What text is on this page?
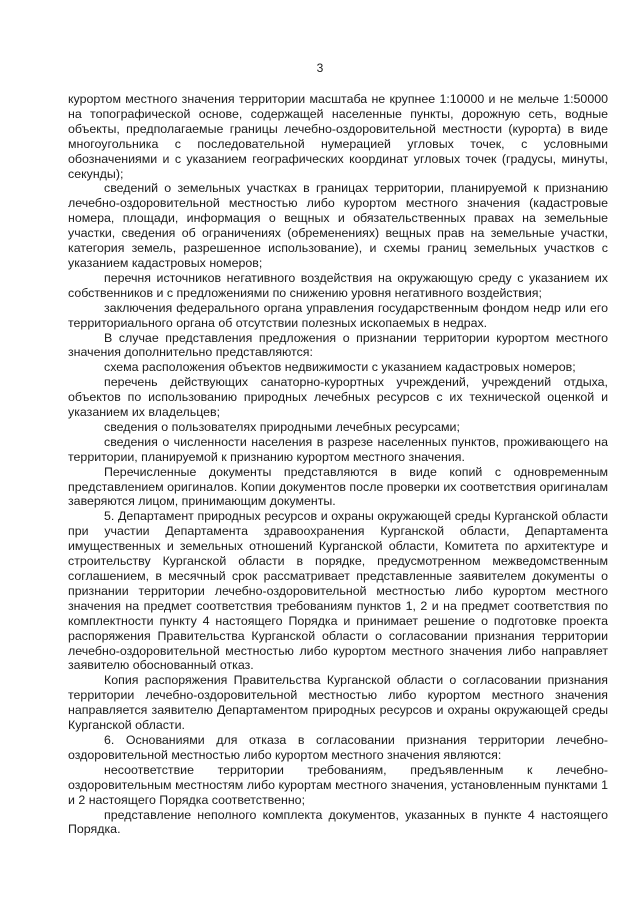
3

курортом местного значения территории масштаба не крупнее 1:10000 и не мельче 1:50000 на топографической основе, содержащей населенные пункты, дорожную сеть, водные объекты, предполагаемые границы лечебно-оздоровительной местности (курорта) в виде многоугольника с последовательной нумерацией угловых точек, с условными обозначениями и с указанием географических координат угловых точек (градусы, минуты, секунды);

сведений о земельных участках в границах территории, планируемой к признанию лечебно-оздоровительной местностью либо курортом местного значения (кадастровые номера, площади, информация о вещных и обязательственных правах на земельные участки, сведения об ограничениях (обременениях) вещных прав на земельные участки, категория земель, разрешенное использование), и схемы границ земельных участков с указанием кадастровых номеров;

перечня источников негативного воздействия на окружающую среду с указанием их собственников и с предложениями по снижению уровня негативного воздействия;

заключения федерального органа управления государственным фондом недр или его территориального органа об отсутствии полезных ископаемых в недрах.

В случае представления предложения о признании территории курортом местного значения дополнительно представляются:

схема расположения объектов недвижимости с указанием кадастровых номеров;

перечень действующих санаторно-курортных учреждений, учреждений отдыха, объектов по использованию природных лечебных ресурсов с их технической оценкой и указанием их владельцев;

сведения о пользователях природными лечебных ресурсами;

сведения о численности населения в разрезе населенных пунктов, проживающего на территории, планируемой к признанию курортом местного значения.

Перечисленные документы представляются в виде копий с одновременным представлением оригиналов. Копии документов после проверки их соответствия оригиналам заверяются лицом, принимающим документы.

5. Департамент природных ресурсов и охраны окружающей среды Курганской области при участии Департамента здравоохранения Курганской области, Департамента имущественных и земельных отношений Курганской области, Комитета по архитектуре и строительству Курганской области в порядке, предусмотренном межведомственным соглашением, в месячный срок рассматривает представленные заявителем документы о признании территории лечебно-оздоровительной местностью либо курортом местного значения на предмет соответствия требованиям пунктов 1, 2 и на предмет соответствия по комплектности пункту 4 настоящего Порядка и принимает решение о подготовке проекта распоряжения Правительства Курганской области о согласовании признания территории лечебно-оздоровительной местностью либо курортом местного значения либо направляет заявителю обоснованный отказ.

Копия распоряжения Правительства Курганской области о согласовании признания территории лечебно-оздоровительной местностью либо курортом местного значения направляется заявителю Департаментом природных ресурсов и охраны окружающей среды Курганской области.

6. Основаниями для отказа в согласовании признания территории лечебно-оздоровительной местностью либо курортом местного значения являются:

несоответствие территории требованиям, предъявленным к лечебно-оздоровительным местностям либо курортам местного значения, установленным пунктами 1 и 2 настоящего Порядка соответственно;

представление неполного комплекта документов, указанных в пункте 4 настоящего Порядка.
